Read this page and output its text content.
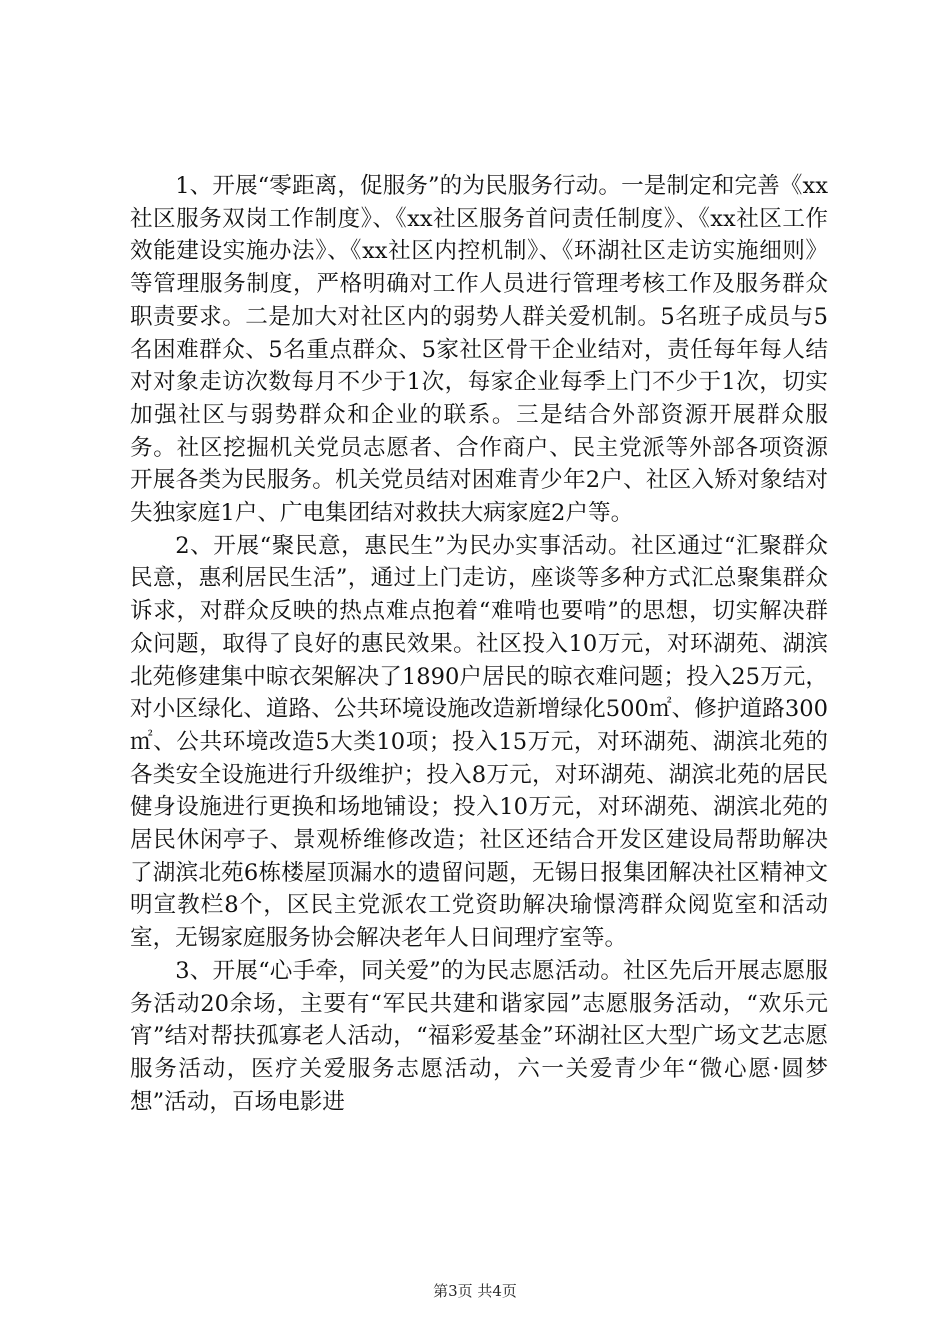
1、开展“零距离，促服务”的为民服务行动。一是制定和完善《xx社区服务双岗工作制度》、《xx社区服务首问责任制度》、《xx社区工作效能建设实施办法》、《xx社区内控机制》、《环湖社区走访实施细则》等管理服务制度，严格明确对工作人员进行管理考核工作及服务群众职责要求。二是加大对社区内的弱势人群关爱机制。5名班子成员与5名困难群众、5名重点群众、5家社区骨干企业结对，责任每年每人结对对象走访次数每月不少于1次，每家企业每季上门不少于1次，切实加强社区与弱势群众和企业的联系。三是结合外部资源开展群众服务。社区挖掘机关党员志愿者、合作商户、民主党派等外部各项资源开展各类为民服务。机关党员结对困难青少年2户、社区入矫对象结对失独家庭1户、广电集团结对救扶大病家庭2户等。

2、开展“聚民意，惠民生”为民办实事活动。社区通过“汇聚群众民意，惠利居民生活”，通过上门走访，座谈等多种方式汇总聚集群众诉求，对群众反映的热点难点抱着“难啃也要啃”的思想，切实解决群众问题，取得了良好的惠民效果。社区投入10万元，对环湖苑、湖滨北苑修建集中晾衣架解决了1890户居民的晾衣难问题；投入25万元，对小区绿化、道路、公共环境设施改造新增绿化500㎡、修护道路300㎡、公共环境改造5大类10项；投入15万元，对环湖苑、湖滨北苑的各类安全设施进行升级维护；投入8万元，对环湖苑、湖滨北苑的居民健身设施进行更换和场地铺设；投入10万元，对环湖苑、湖滨北苑的居民休闲亭子、景观桥维修改造；社区还结合开发区建设局帮助解决了湖滨北苑6栋楼屋顶漏水的遗留问题，无锡日报集团解决社区精神文明宣教栏8个，区民主党派农工党资助解决瑜憬湾群众阅览室和活动室，无锡家庭服务协会解决老年人日间理疗室等。

3、开展“心手牵，同关爱”的为民志愿活动。社区先后开展志愿服务活动20余场，主要有“军民共建和谐家园”志愿服务活动，“欢乐元宵”结对帮扶孤寡老人活动，“福彩爱基金”环湖社区大型广场文艺志愿服务活动，医疗关爱服务志愿活动，六一关爱青少年“微心愿·圆梦想”活动，百场电影进

第3页 共4页
